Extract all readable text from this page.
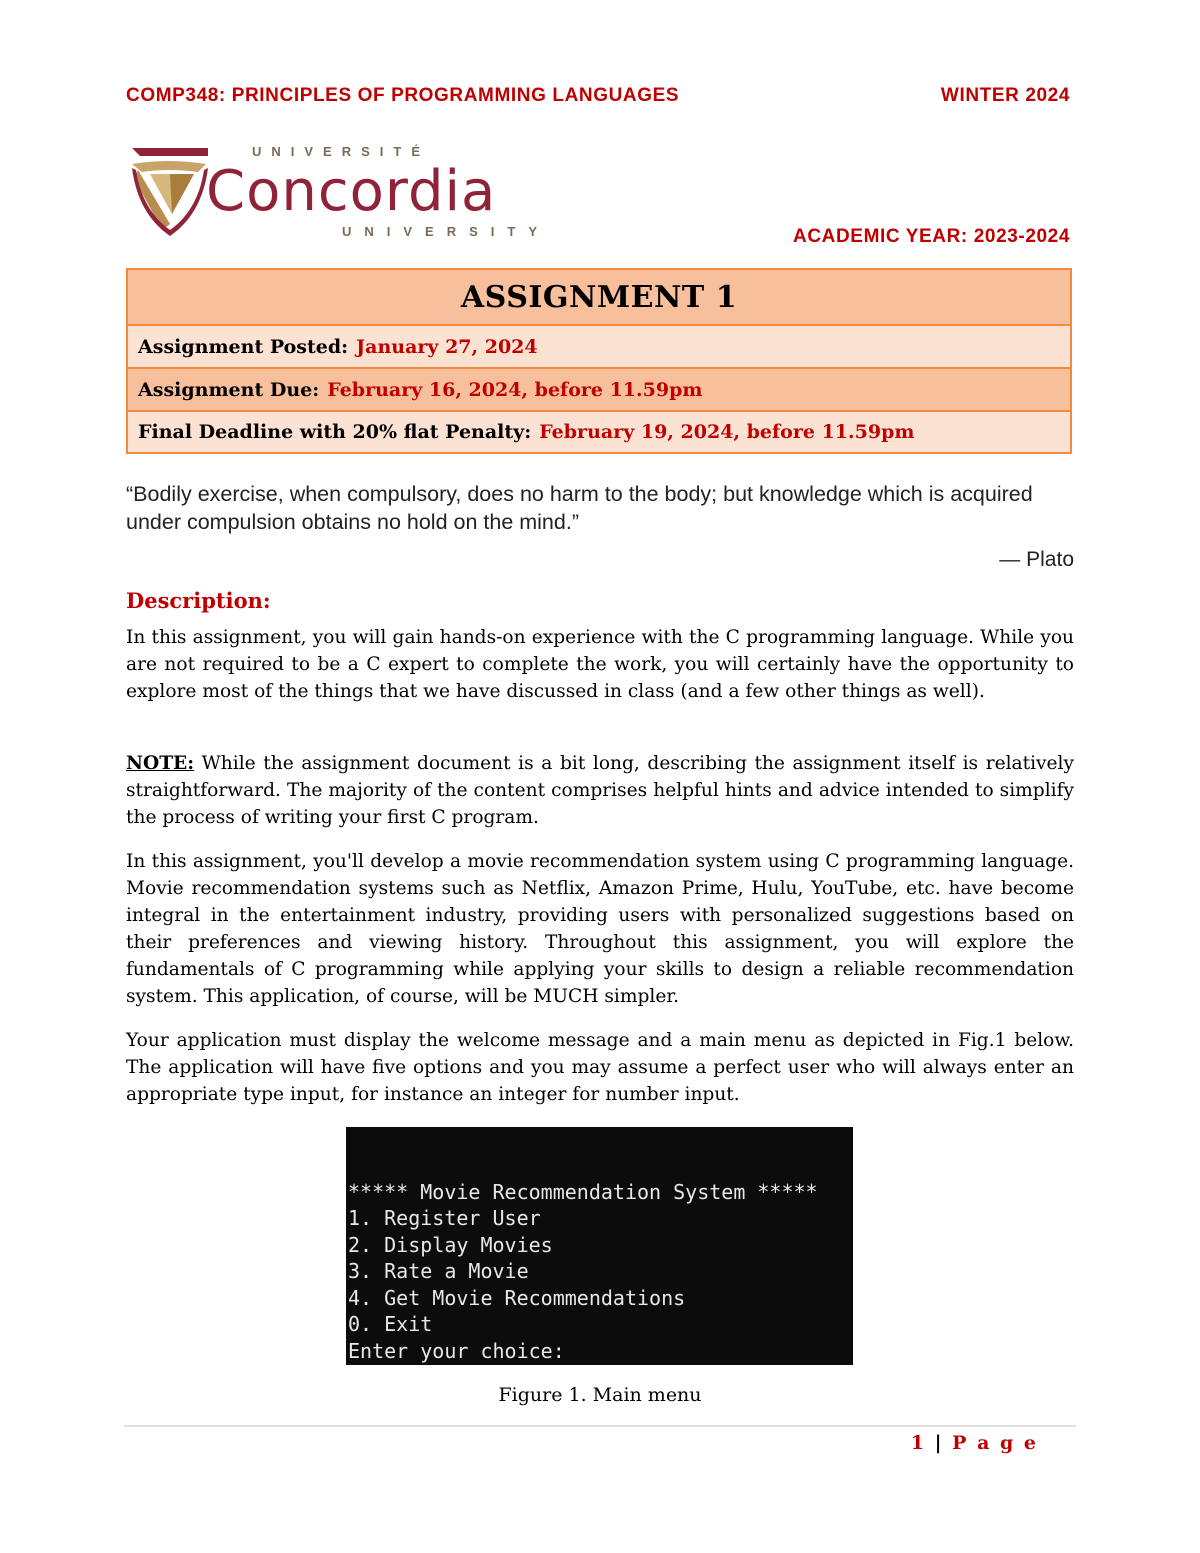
COMP348: PRINCIPLES OF PROGRAMMING LANGUAGES	WINTER 2024
UNIVERSITÉ
Concordia
UNIVERSITY	ACADEMIC YEAR: 2023-2024
ASSIGNMENT 1
Assignment Posted: January 27, 2024
Assignment Due: February 16, 2024, before 11.59pm
Final Deadline with 20% flat Penalty: February 19, 2024, before 11.59pm
“Bodily exercise, when compulsory, does no harm to the body; but knowledge which is acquired under compulsion obtains no hold on the mind.”
— Plato
Description:
In this assignment, you will gain hands-on experience with the C programming language. While you are not required to be a C expert to complete the work, you will certainly have the opportunity to explore most of the things that we have discussed in class (and a few other things as well).
NOTE: While the assignment document is a bit long, describing the assignment itself is relatively straightforward. The majority of the content comprises helpful hints and advice intended to simplify the process of writing your first C program.
In this assignment, you'll develop a movie recommendation system using C programming language. Movie recommendation systems such as Netflix, Amazon Prime, Hulu, YouTube, etc. have become integral in the entertainment industry, providing users with personalized suggestions based on their preferences and viewing history. Throughout this assignment, you will explore the fundamentals of C programming while applying your skills to design a reliable recommendation system. This application, of course, will be MUCH simpler.
Your application must display the welcome message and a main menu as depicted in Fig.1 below. The application will have five options and you may assume a perfect user who will always enter an appropriate type input, for instance an integer for number input.

***** Movie Recommendation System *****
1. Register User
2. Display Movies
3. Rate a Movie
4. Get Movie Recommendations
0. Exit
Enter your choice:

Figure 1. Main menu
1 | P a g e
